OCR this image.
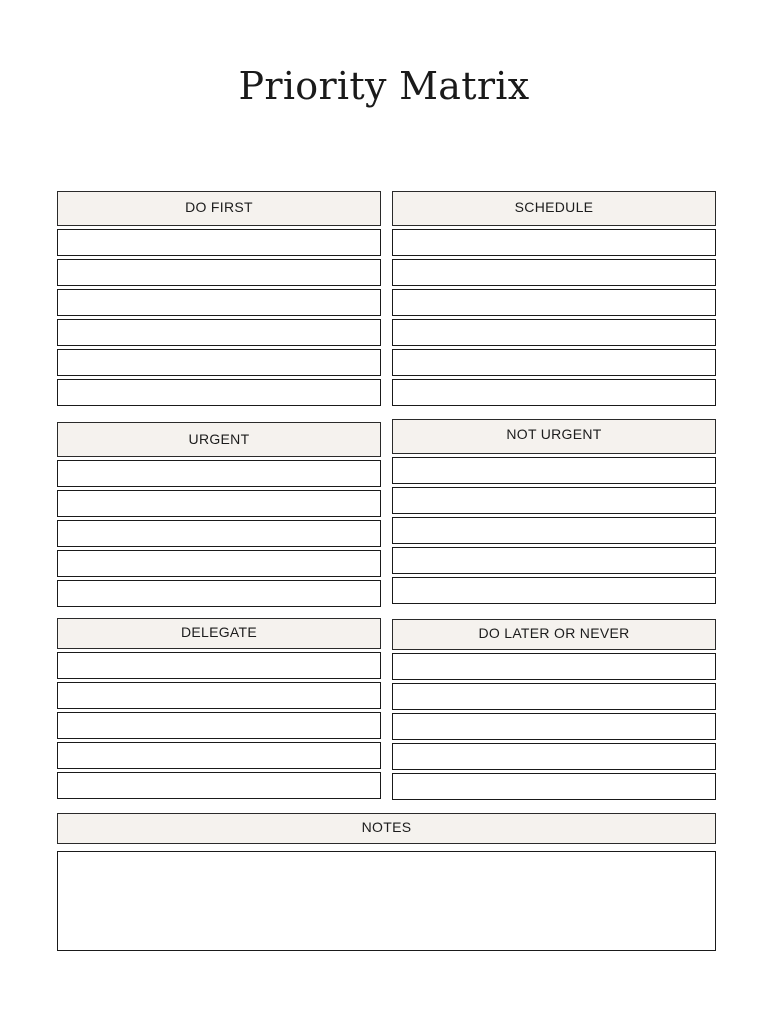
Priority Matrix
DO FIRST	SCHEDULE
URGENT	NOT URGENT
DELEGATE	DO LATER OR NEVER
NOTES
